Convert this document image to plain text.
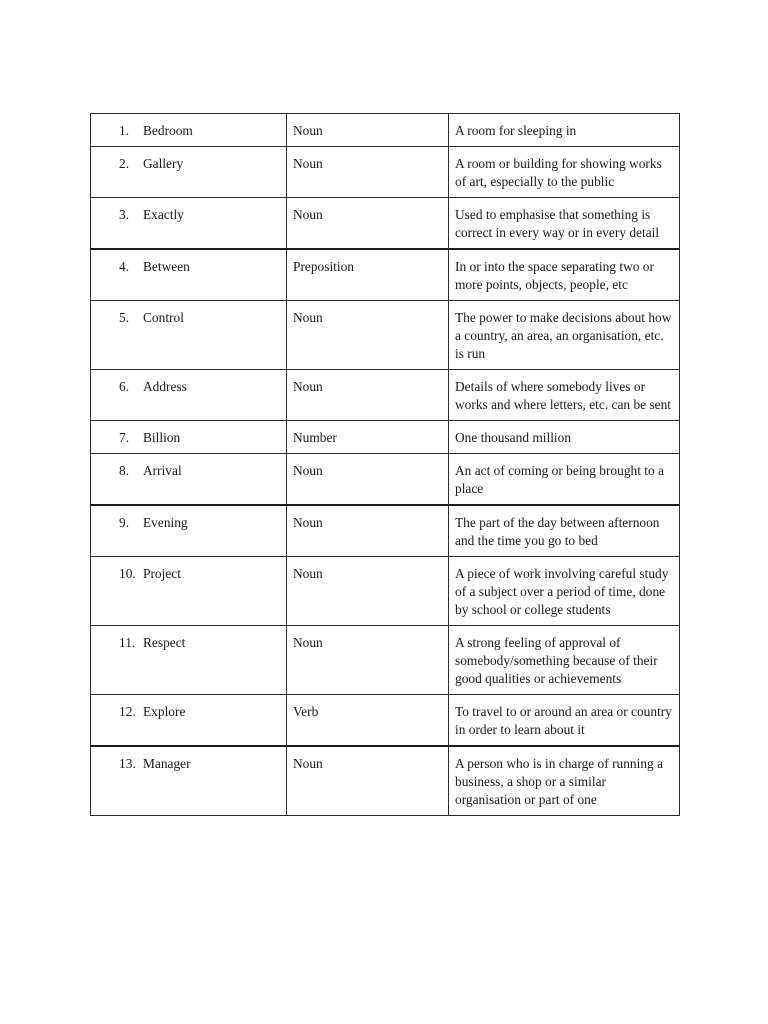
1. Bedroom	Noun	A room for sleeping in
2. Gallery	Noun	A room or building for showing works of art, especially to the public
3. Exactly	Noun	Used to emphasise that something is correct in every way or in every detail
4. Between	Preposition	In or into the space separating two or more points, objects, people, etc
5. Control	Noun	The power to make decisions about how a country, an area, an organisation, etc. is run
6. Address	Noun	Details of where somebody lives or works and where letters, etc. can be sent
7. Billion	Number	One thousand million
8. Arrival	Noun	An act of coming or being brought to a place
9. Evening	Noun	The part of the day between afternoon and the time you go to bed
10. Project	Noun	A piece of work involving careful study of a subject over a period of time, done by school or college students
11. Respect	Noun	A strong feeling of approval of somebody/something because of their good qualities or achievements
12. Explore	Verb	To travel to or around an area or country in order to learn about it
13. Manager	Noun	A person who is in charge of running a business, a shop or a similar organisation or part of one
